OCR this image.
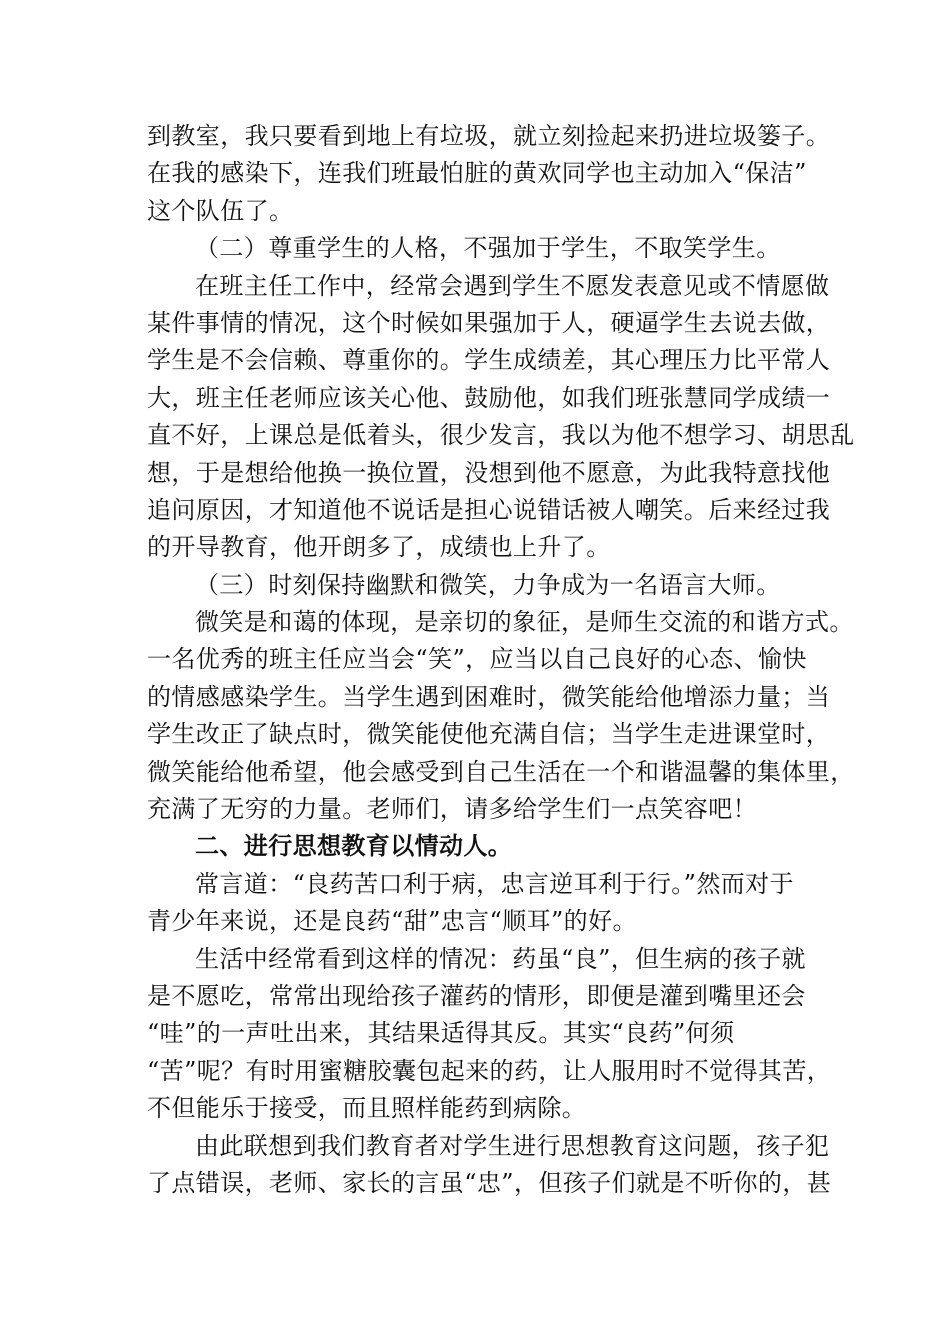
到教室，我只要看到地上有垃圾，就立刻捡起来扔进垃圾篓子。
在我的感染下，连我们班最怕脏的黄欢同学也主动加入“保洁”
这个队伍了。
（二）尊重学生的人格，不强加于学生，不取笑学生。
在班主任工作中，经常会遇到学生不愿发表意见或不情愿做
某件事情的情况，这个时候如果强加于人，硬逼学生去说去做，
学生是不会信赖、尊重你的。学生成绩差，其心理压力比平常人
大，班主任老师应该关心他、鼓励他，如我们班张慧同学成绩一
直不好，上课总是低着头，很少发言，我以为他不想学习、胡思乱
想，于是想给他换一换位置，没想到他不愿意，为此我特意找他
追问原因，才知道他不说话是担心说错话被人嘲笑。后来经过我
的开导教育，他开朗多了，成绩也上升了。
（三）时刻保持幽默和微笑，力争成为一名语言大师。
微笑是和蔼的体现，是亲切的象征，是师生交流的和谐方式。
一名优秀的班主任应当会“笑”，应当以自己良好的心态、愉快
的情感感染学生。当学生遇到困难时，微笑能给他增添力量；当
学生改正了缺点时，微笑能使他充满自信；当学生走进课堂时，
微笑能给他希望，他会感受到自己生活在一个和谐温馨的集体里，
充满了无穷的力量。老师们，请多给学生们一点笑容吧！
二、进行思想教育以情动人。
常言道：“良药苦口利于病，忠言逆耳利于行。”然而对于
青少年来说，还是良药“甜”忠言“顺耳”的好。
生活中经常看到这样的情况：药虽“良”，但生病的孩子就
是不愿吃，常常出现给孩子灌药的情形，即便是灌到嘴里还会
“哇”的一声吐出来，其结果适得其反。其实“良药”何须
“苦”呢？有时用蜜糖胶囊包起来的药，让人服用时不觉得其苦，
不但能乐于接受，而且照样能药到病除。
由此联想到我们教育者对学生进行思想教育这问题，孩子犯
了点错误，老师、家长的言虽“忠”，但孩子们就是不听你的，甚
